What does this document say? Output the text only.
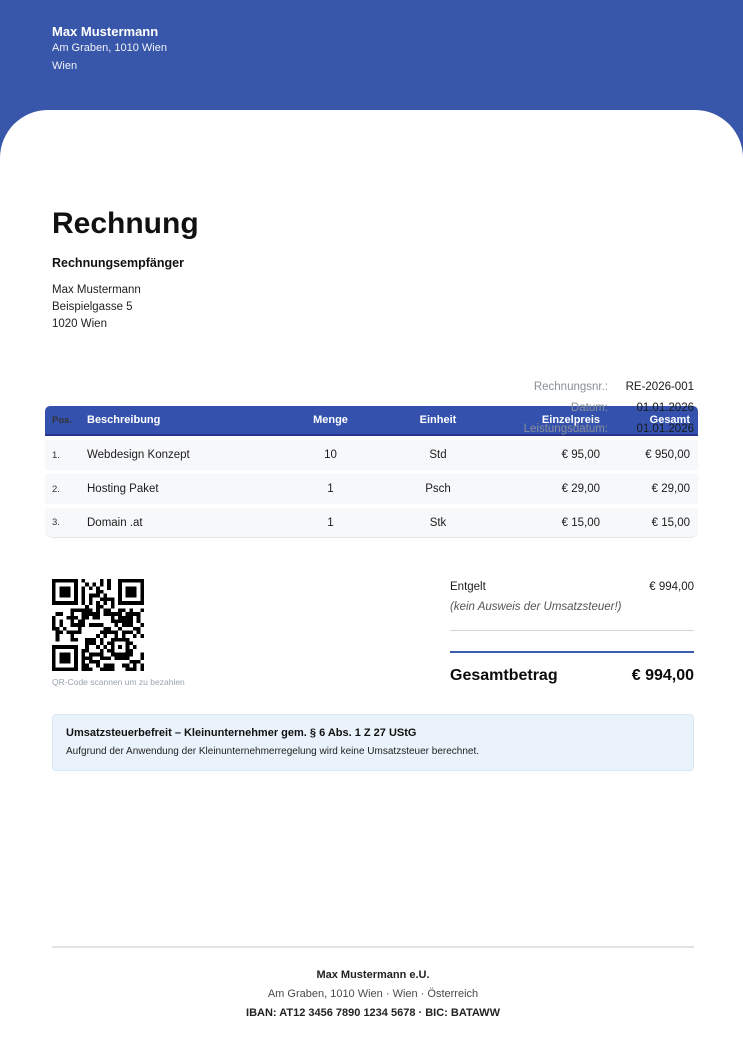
Max Mustermann
Am Graben, 1010 Wien
Wien
Rechnung
Rechnungsempfänger
Max Mustermann
Beispielgasse 5
1020 Wien
Rechnungsnr.:	RE-2026-001
Datum:	01.01.2026
Leistungsdatum:	01.01.2026
Pos.	Beschreibung	Menge	Einheit	Einzelpreis	Gesamt
1.	Webdesign Konzept	10	Std	€ 95,00	€ 950,00
2.	Hosting Paket	1	Psch	€ 29,00	€ 29,00
3.	Domain .at	1	Stk	€ 15,00	€ 15,00
QR-Code scannen um zu bezahlen
Entgelt	€ 994,00
(kein Ausweis der Umsatzsteuer!)
Gesamtbetrag	€ 994,00
Umsatzsteuerbefreit – Kleinunternehmer gem. § 6 Abs. 1 Z 27 UStG
Aufgrund der Anwendung der Kleinunternehmerregelung wird keine Umsatzsteuer berechnet.
Max Mustermann e.U.
Am Graben, 1010 Wien · Wien · Österreich
IBAN: AT12 3456 7890 1234 5678 · BIC: BATAWW
